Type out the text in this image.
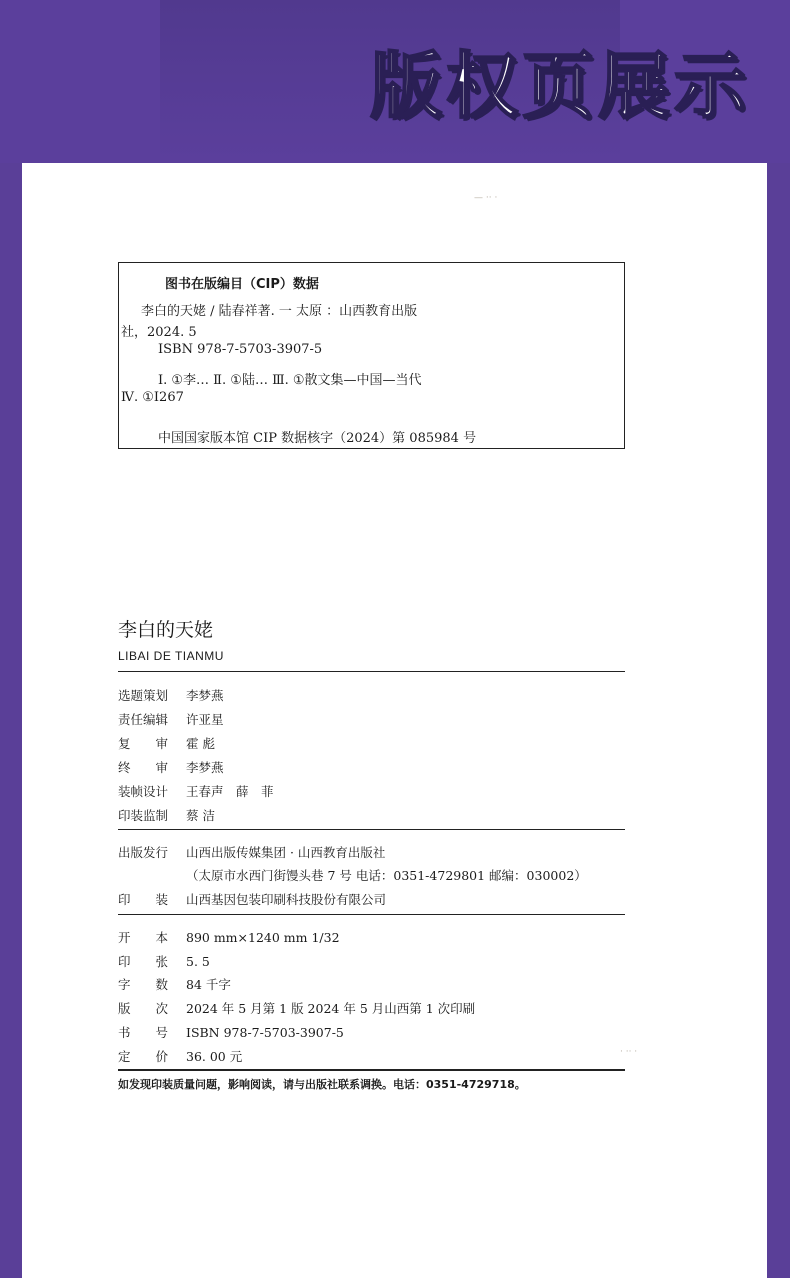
版权页展示
— ·· ·
· ·· ·
图书在版编目（CIP）数据
李白的天姥 / 陆春祥著. 一 太原 ：山西教育出版
社，2024. 5
ISBN 978-7-5703-3907-5
Ⅰ. ①李… Ⅱ. ①陆… Ⅲ. ①散文集—中国—当代
Ⅳ. ①I267
中国国家版本馆 CIP 数据核字（2024）第 085984 号
李白的天姥
LIBAI DE TIANMU
选题策划 李梦燕
责任编辑 许亚星
复　　审 霍 彪
终　　审 李梦燕
装帧设计 王春声　薛　菲
印装监制 蔡 洁
出版发行 山西出版传媒集团 · 山西教育出版社
（太原市水西门街馒头巷 7 号 电话：0351-4729801 邮编：030002）
印　　装 山西基因包装印刷科技股份有限公司
开　　本 890 mm×1240 mm 1/32
印　　张 5. 5
字　　数 84 千字
版　　次 2024 年 5 月第 1 版 2024 年 5 月山西第 1 次印刷
书　　号 ISBN 978-7-5703-3907-5
定　　价 36. 00 元
如发现印装质量问题，影响阅读，请与出版社联系调换。电话：0351-4729718。
